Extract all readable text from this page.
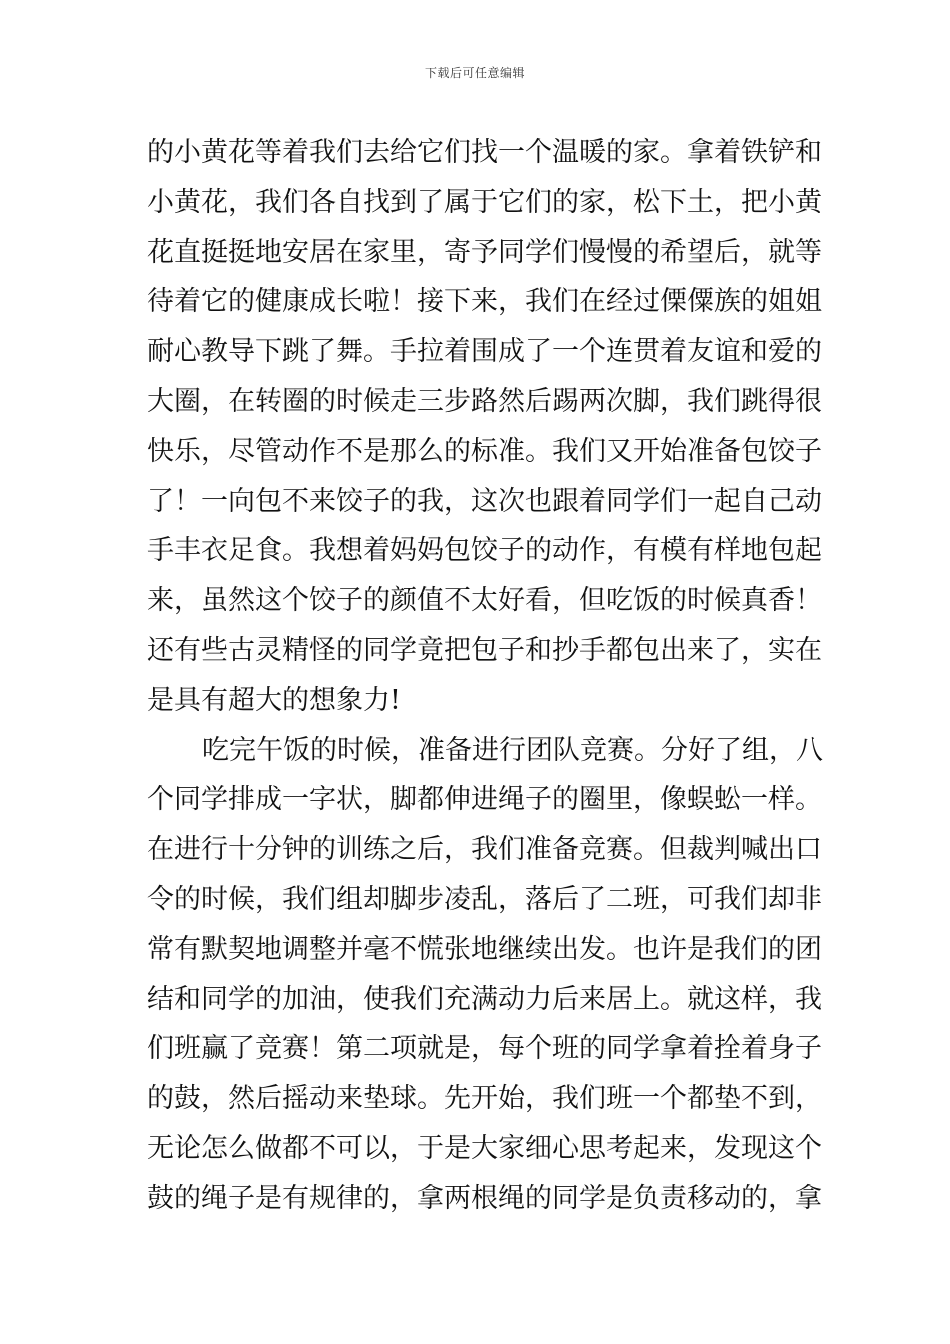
下载后可任意编辑
的小黄花等着我们去给它们找一个温暖的家。拿着铁铲和
小黄花，我们各自找到了属于它们的家，松下土，把小黄
花直挺挺地安居在家里，寄予同学们慢慢的希望后，就等
待着它的健康成长啦！接下来，我们在经过傈僳族的姐姐
耐心教导下跳了舞。手拉着围成了一个连贯着友谊和爱的
大圈，在转圈的时候走三步路然后踢两次脚，我们跳得很
快乐，尽管动作不是那么的标准。我们又开始准备包饺子
了！一向包不来饺子的我，这次也跟着同学们一起自己动
手丰衣足食。我想着妈妈包饺子的动作，有模有样地包起
来，虽然这个饺子的颜值不太好看，但吃饭的时候真香！
还有些古灵精怪的同学竟把包子和抄手都包出来了，实在
是具有超大的想象力!
吃完午饭的时候，准备进行团队竞赛。分好了组，八
个同学排成一字状，脚都伸进绳子的圈里，像蜈蚣一样。
在进行十分钟的训练之后，我们准备竞赛。但裁判喊出口
令的时候，我们组却脚步凌乱，落后了二班，可我们却非
常有默契地调整并毫不慌张地继续出发。也许是我们的团
结和同学的加油，使我们充满动力后来居上。就这样，我
们班赢了竞赛！第二项就是，每个班的同学拿着拴着身子
的鼓，然后摇动来垫球。先开始，我们班一个都垫不到，
无论怎么做都不可以，于是大家细心思考起来，发现这个
鼓的绳子是有规律的，拿两根绳的同学是负责移动的，拿
